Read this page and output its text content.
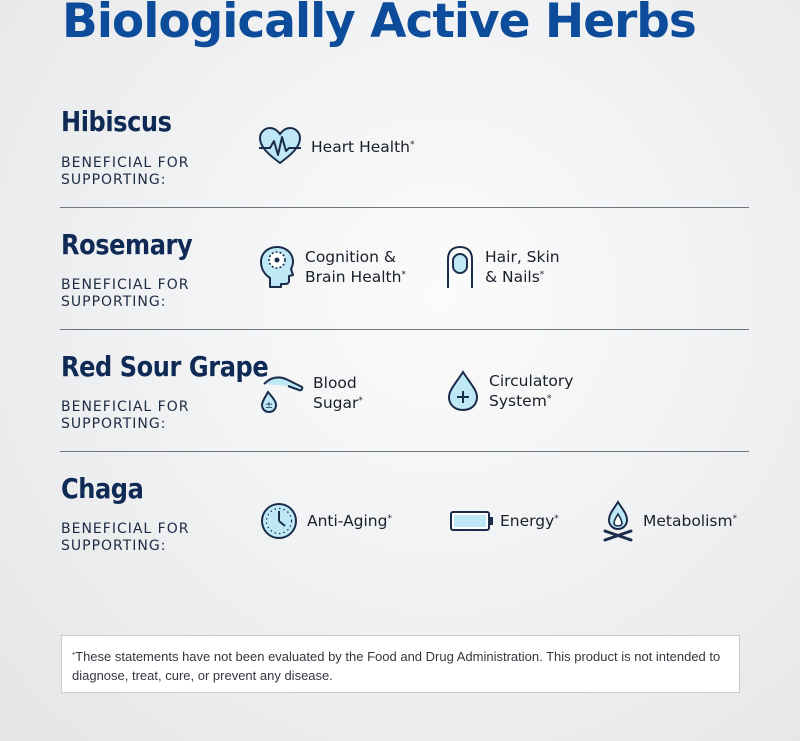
Biologically Active Herbs
Hibiscus

BENEFICIAL FOR
SUPPORTING:

Heart Health*
Rosemary

BENEFICIAL FOR
SUPPORTING:

Cognition &
Brain Health*
Hair, Skin
& Nails*
Red Sour Grape

BENEFICIAL FOR
SUPPORTING:

±
Blood
Sugar*
Circulatory
System*
Chaga

BENEFICIAL FOR
SUPPORTING:

Anti-Aging*	Energy*	Metabolism*
*These statements have not been evaluated by the Food and Drug Administration. This product is not intended to diagnose, treat, cure, or prevent any disease.
